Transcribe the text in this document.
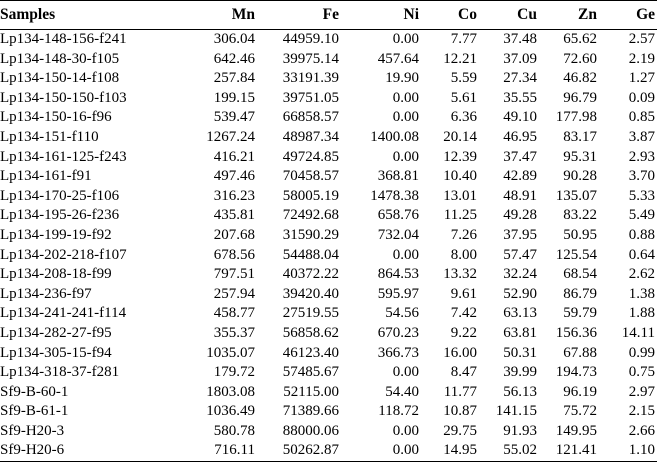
Samples	Mn	Fe	Ni	Co	Cu	Zn	Ge
Lp134-148-156-f241	306.04	44959.10	0.00	7.77	37.48	65.62	2.57
Lp134-148-30-f105	642.46	39975.14	457.64	12.21	37.09	72.60	2.19
Lp134-150-14-f108	257.84	33191.39	19.90	5.59	27.34	46.82	1.27
Lp134-150-150-f103	199.15	39751.05	0.00	5.61	35.55	96.79	0.09
Lp134-150-16-f96	539.47	66858.57	0.00	6.36	49.10	177.98	0.85
Lp134-151-f110	1267.24	48987.34	1400.08	20.14	46.95	83.17	3.87
Lp134-161-125-f243	416.21	49724.85	0.00	12.39	37.47	95.31	2.93
Lp134-161-f91	497.46	70458.57	368.81	10.40	42.89	90.28	3.70
Lp134-170-25-f106	316.23	58005.19	1478.38	13.01	48.91	135.07	5.33
Lp134-195-26-f236	435.81	72492.68	658.76	11.25	49.28	83.22	5.49
Lp134-199-19-f92	207.68	31590.29	732.04	7.26	37.95	50.95	0.88
Lp134-202-218-f107	678.56	54488.04	0.00	8.00	57.47	125.54	0.64
Lp134-208-18-f99	797.51	40372.22	864.53	13.32	32.24	68.54	2.62
Lp134-236-f97	257.94	39420.40	595.97	9.61	52.90	86.79	1.38
Lp134-241-241-f114	458.77	27519.55	54.56	7.42	63.13	59.79	1.88
Lp134-282-27-f95	355.37	56858.62	670.23	9.22	63.81	156.36	14.11
Lp134-305-15-f94	1035.07	46123.40	366.73	16.00	50.31	67.88	0.99
Lp134-318-37-f281	179.72	57485.67	0.00	8.47	39.99	194.73	0.75
Sf9-B-60-1	1803.08	52115.00	54.40	11.77	56.13	96.19	2.97
Sf9-B-61-1	1036.49	71389.66	118.72	10.87	141.15	75.72	2.15
Sf9-H20-3	580.78	88000.06	0.00	29.75	91.93	149.95	2.66
Sf9-H20-6	716.11	50262.87	0.00	14.95	55.02	121.41	1.10
